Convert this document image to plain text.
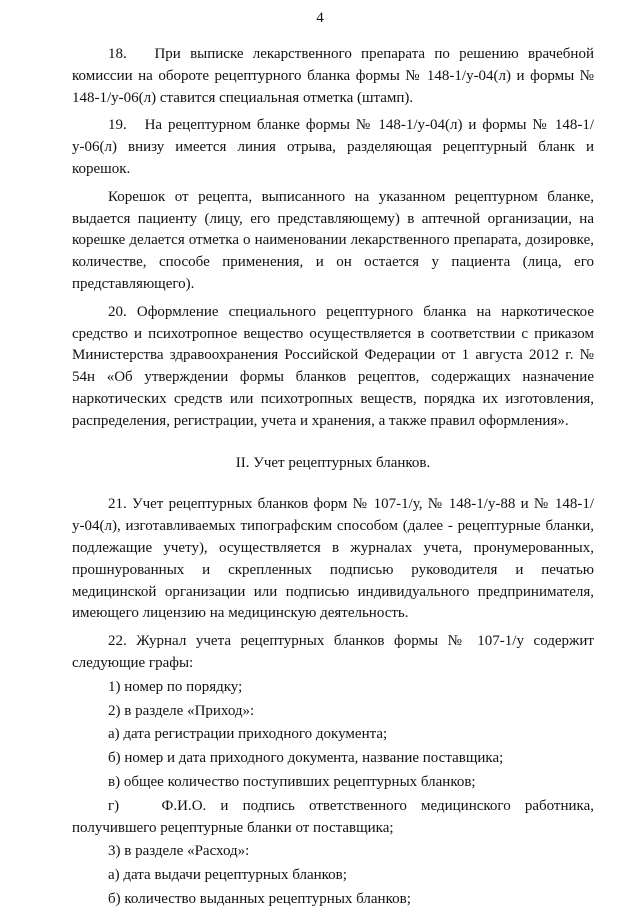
4

18.   При выписке лекарственного препарата по решению врачебной комиссии на обороте рецептурного бланка формы № 148-1/у-04(л) и формы № 148-1/у-06(л) ставится специальная отметка (штамп).

19.   На рецептурном бланке формы № 148-1/у-04(л) и формы № 148-1/у-06(л) внизу имеется линия отрыва, разделяющая рецептурный бланк и корешок.

Корешок от рецепта, выписанного на указанном рецептурном бланке, выдается пациенту (лицу, его представляющему) в аптечной организации, на корешке делается отметка о наименовании лекарственного препарата, дозировке, количестве, способе применения, и он остается у пациента (лица, его представляющего).

20. Оформление специального рецептурного бланка на наркотическое средство и психотропное вещество осуществляется в соответствии с приказом Министерства здравоохранения Российской Федерации от 1 августа 2012 г. № 54н «Об утверждении формы бланков рецептов, содержащих назначение наркотических средств или психотропных веществ, порядка их изготовления, распределения, регистрации, учета и хранения, а также правил оформления».

II. Учет рецептурных бланков.

21. Учет рецептурных бланков форм № 107-1/у, № 148-1/у-88 и № 148-1/у-04(л), изготавливаемых типографским способом (далее - рецептурные бланки, подлежащие учету), осуществляется в журналах учета, пронумерованных, прошнурованных и скрепленных подписью руководителя и печатью медицинской организации или подписью индивидуального предпринимателя, имеющего лицензию на медицинскую деятельность.

22. Журнал учета рецептурных бланков формы № 107-1/у содержит следующие графы:

1) номер по порядку;

2) в разделе «Приход»:

а) дата регистрации приходного документа;

б) номер и дата приходного документа, название поставщика;

в) общее количество поступивших рецептурных бланков;

г)   Ф.И.О. и подпись ответственного медицинского работника, получившего рецептурные бланки от поставщика;

3) в разделе «Расход»:

а) дата выдачи рецептурных бланков;

б) количество выданных рецептурных бланков;
